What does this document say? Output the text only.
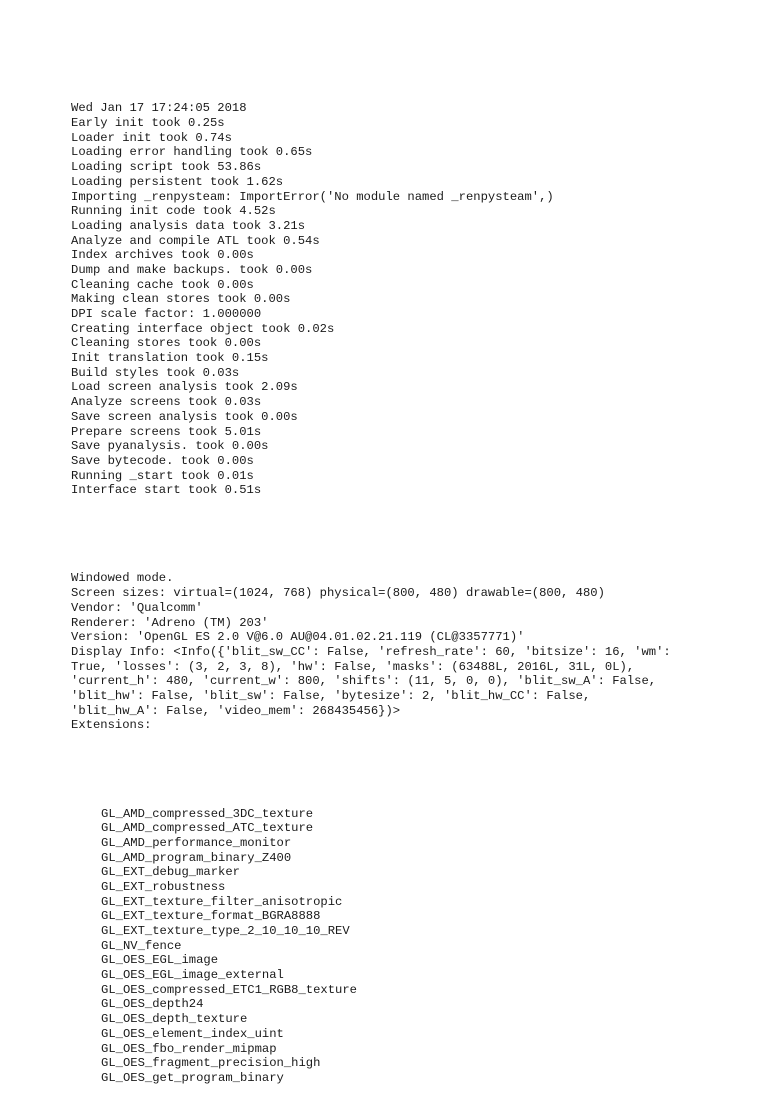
Wed Jan 17 17:24:05 2018
Early init took 0.25s
Loader init took 0.74s
Loading error handling took 0.65s
Loading script took 53.86s
Loading persistent took 1.62s
Importing _renpysteam: ImportError('No module named _renpysteam',)
Running init code took 4.52s
Loading analysis data took 3.21s
Analyze and compile ATL took 0.54s
Index archives took 0.00s
Dump and make backups. took 0.00s
Cleaning cache took 0.00s
Making clean stores took 0.00s
DPI scale factor: 1.000000
Creating interface object took 0.02s
Cleaning stores took 0.00s
Init translation took 0.15s
Build styles took 0.03s
Load screen analysis took 2.09s
Analyze screens took 0.03s
Save screen analysis took 0.00s
Prepare screens took 5.01s
Save pyanalysis. took 0.00s
Save bytecode. took 0.00s
Running _start took 0.01s
Interface start took 0.51s

Windowed mode.
Screen sizes: virtual=(1024, 768) physical=(800, 480) drawable=(800, 480)
Vendor: 'Qualcomm'
Renderer: 'Adreno (TM) 203'
Version: 'OpenGL ES 2.0 V@6.0 AU@04.01.02.21.119 (CL@3357771)'
Display Info: <Info({'blit_sw_CC': False, 'refresh_rate': 60, 'bitsize': 16, 'wm':
True, 'losses': (3, 2, 3, 8), 'hw': False, 'masks': (63488L, 2016L, 31L, 0L),
'current_h': 480, 'current_w': 800, 'shifts': (11, 5, 0, 0), 'blit_sw_A': False,
'blit_hw': False, 'blit_sw': False, 'bytesize': 2, 'blit_hw_CC': False,
'blit_hw_A': False, 'video_mem': 268435456})>
Extensions:

GL_AMD_compressed_3DC_texture
GL_AMD_compressed_ATC_texture
GL_AMD_performance_monitor
GL_AMD_program_binary_Z400
GL_EXT_debug_marker
GL_EXT_robustness
GL_EXT_texture_filter_anisotropic
GL_EXT_texture_format_BGRA8888
GL_EXT_texture_type_2_10_10_10_REV
GL_NV_fence
GL_OES_EGL_image
GL_OES_EGL_image_external
GL_OES_compressed_ETC1_RGB8_texture
GL_OES_depth24
GL_OES_depth_texture
GL_OES_element_index_uint
GL_OES_fbo_render_mipmap
GL_OES_fragment_precision_high
GL_OES_get_program_binary
